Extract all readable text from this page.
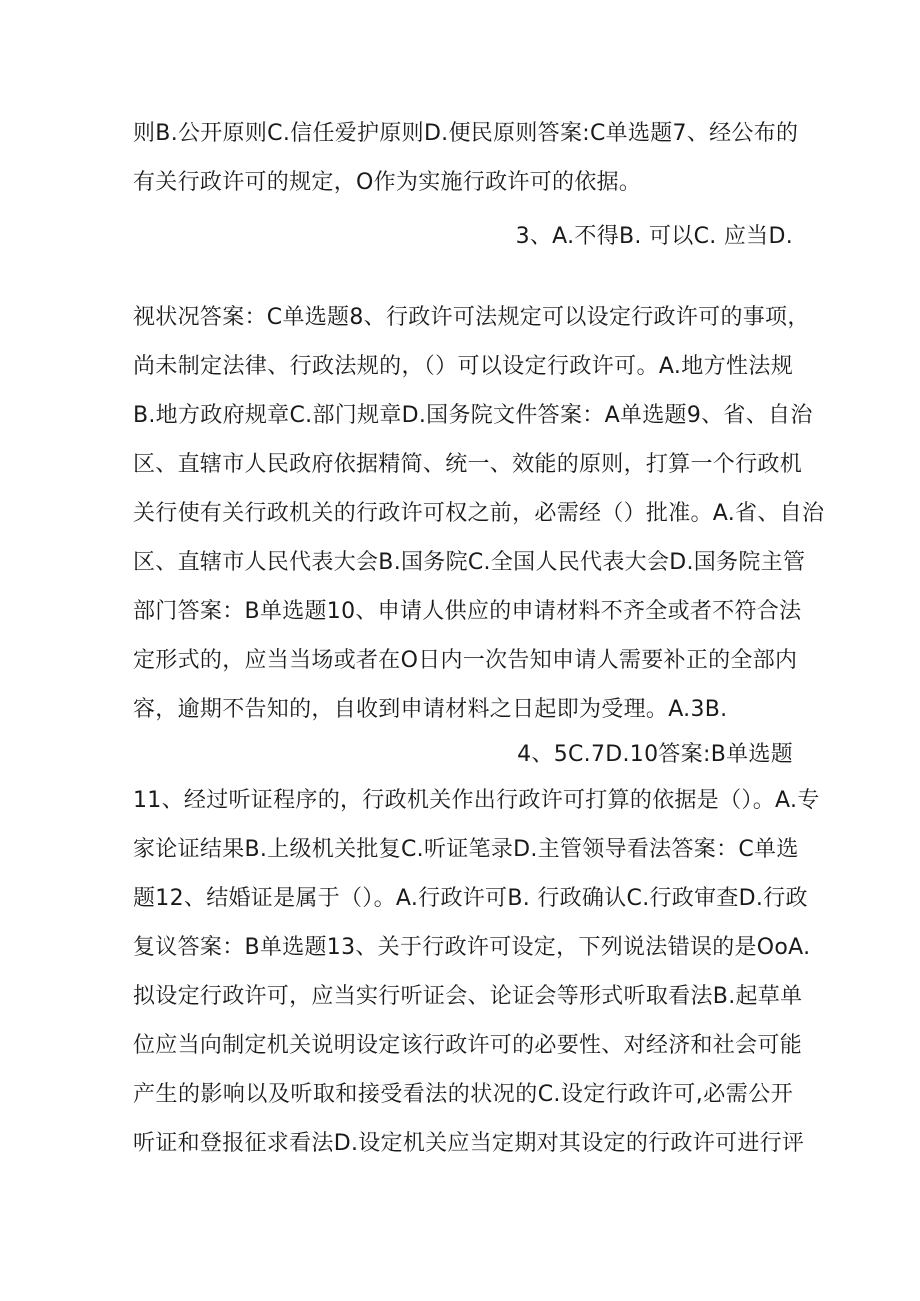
则B.公开原则C.信任爱护原则D.便民原则答案:C单选题7、经公布的
有关行政许可的规定，O作为实施行政许可的依据。
3、A.不得B. 可以C. 应当D.
视状况答案：C单选题8、行政许可法规定可以设定行政许可的事项，
尚未制定法律、行政法规的，（）可以设定行政许可。A.地方性法规
B.地方政府规章C.部门规章D.国务院文件答案：A单选题9、省、自治
区、直辖市人民政府依据精简、统一、效能的原则，打算一个行政机
关行使有关行政机关的行政许可权之前，必需经（）批准。A.省、自治
区、直辖市人民代表大会B.国务院C.全国人民代表大会D.国务院主管
部门答案：B单选题10、申请人供应的申请材料不齐全或者不符合法
定形式的，应当当场或者在O日内一次告知申请人需要补正的全部内
容，逾期不告知的，自收到申请材料之日起即为受理。A.3B.
4、5C.7D.10答案:B单选题
11、经过听证程序的，行政机关作出行政许可打算的依据是（）。A.专
家论证结果B.上级机关批复C.听证笔录D.主管领导看法答案：C单选
题12、结婚证是属于（）。A.行政许可B. 行政确认C.行政审查D.行政
复议答案：B单选题13、关于行政许可设定，下列说法错误的是OoA.
拟设定行政许可，应当实行听证会、论证会等形式听取看法B.起草单
位应当向制定机关说明设定该行政许可的必要性、对经济和社会可能
产生的影响以及听取和接受看法的状况的C.设定行政许可,必需公开
听证和登报征求看法D.设定机关应当定期对其设定的行政许可进行评
